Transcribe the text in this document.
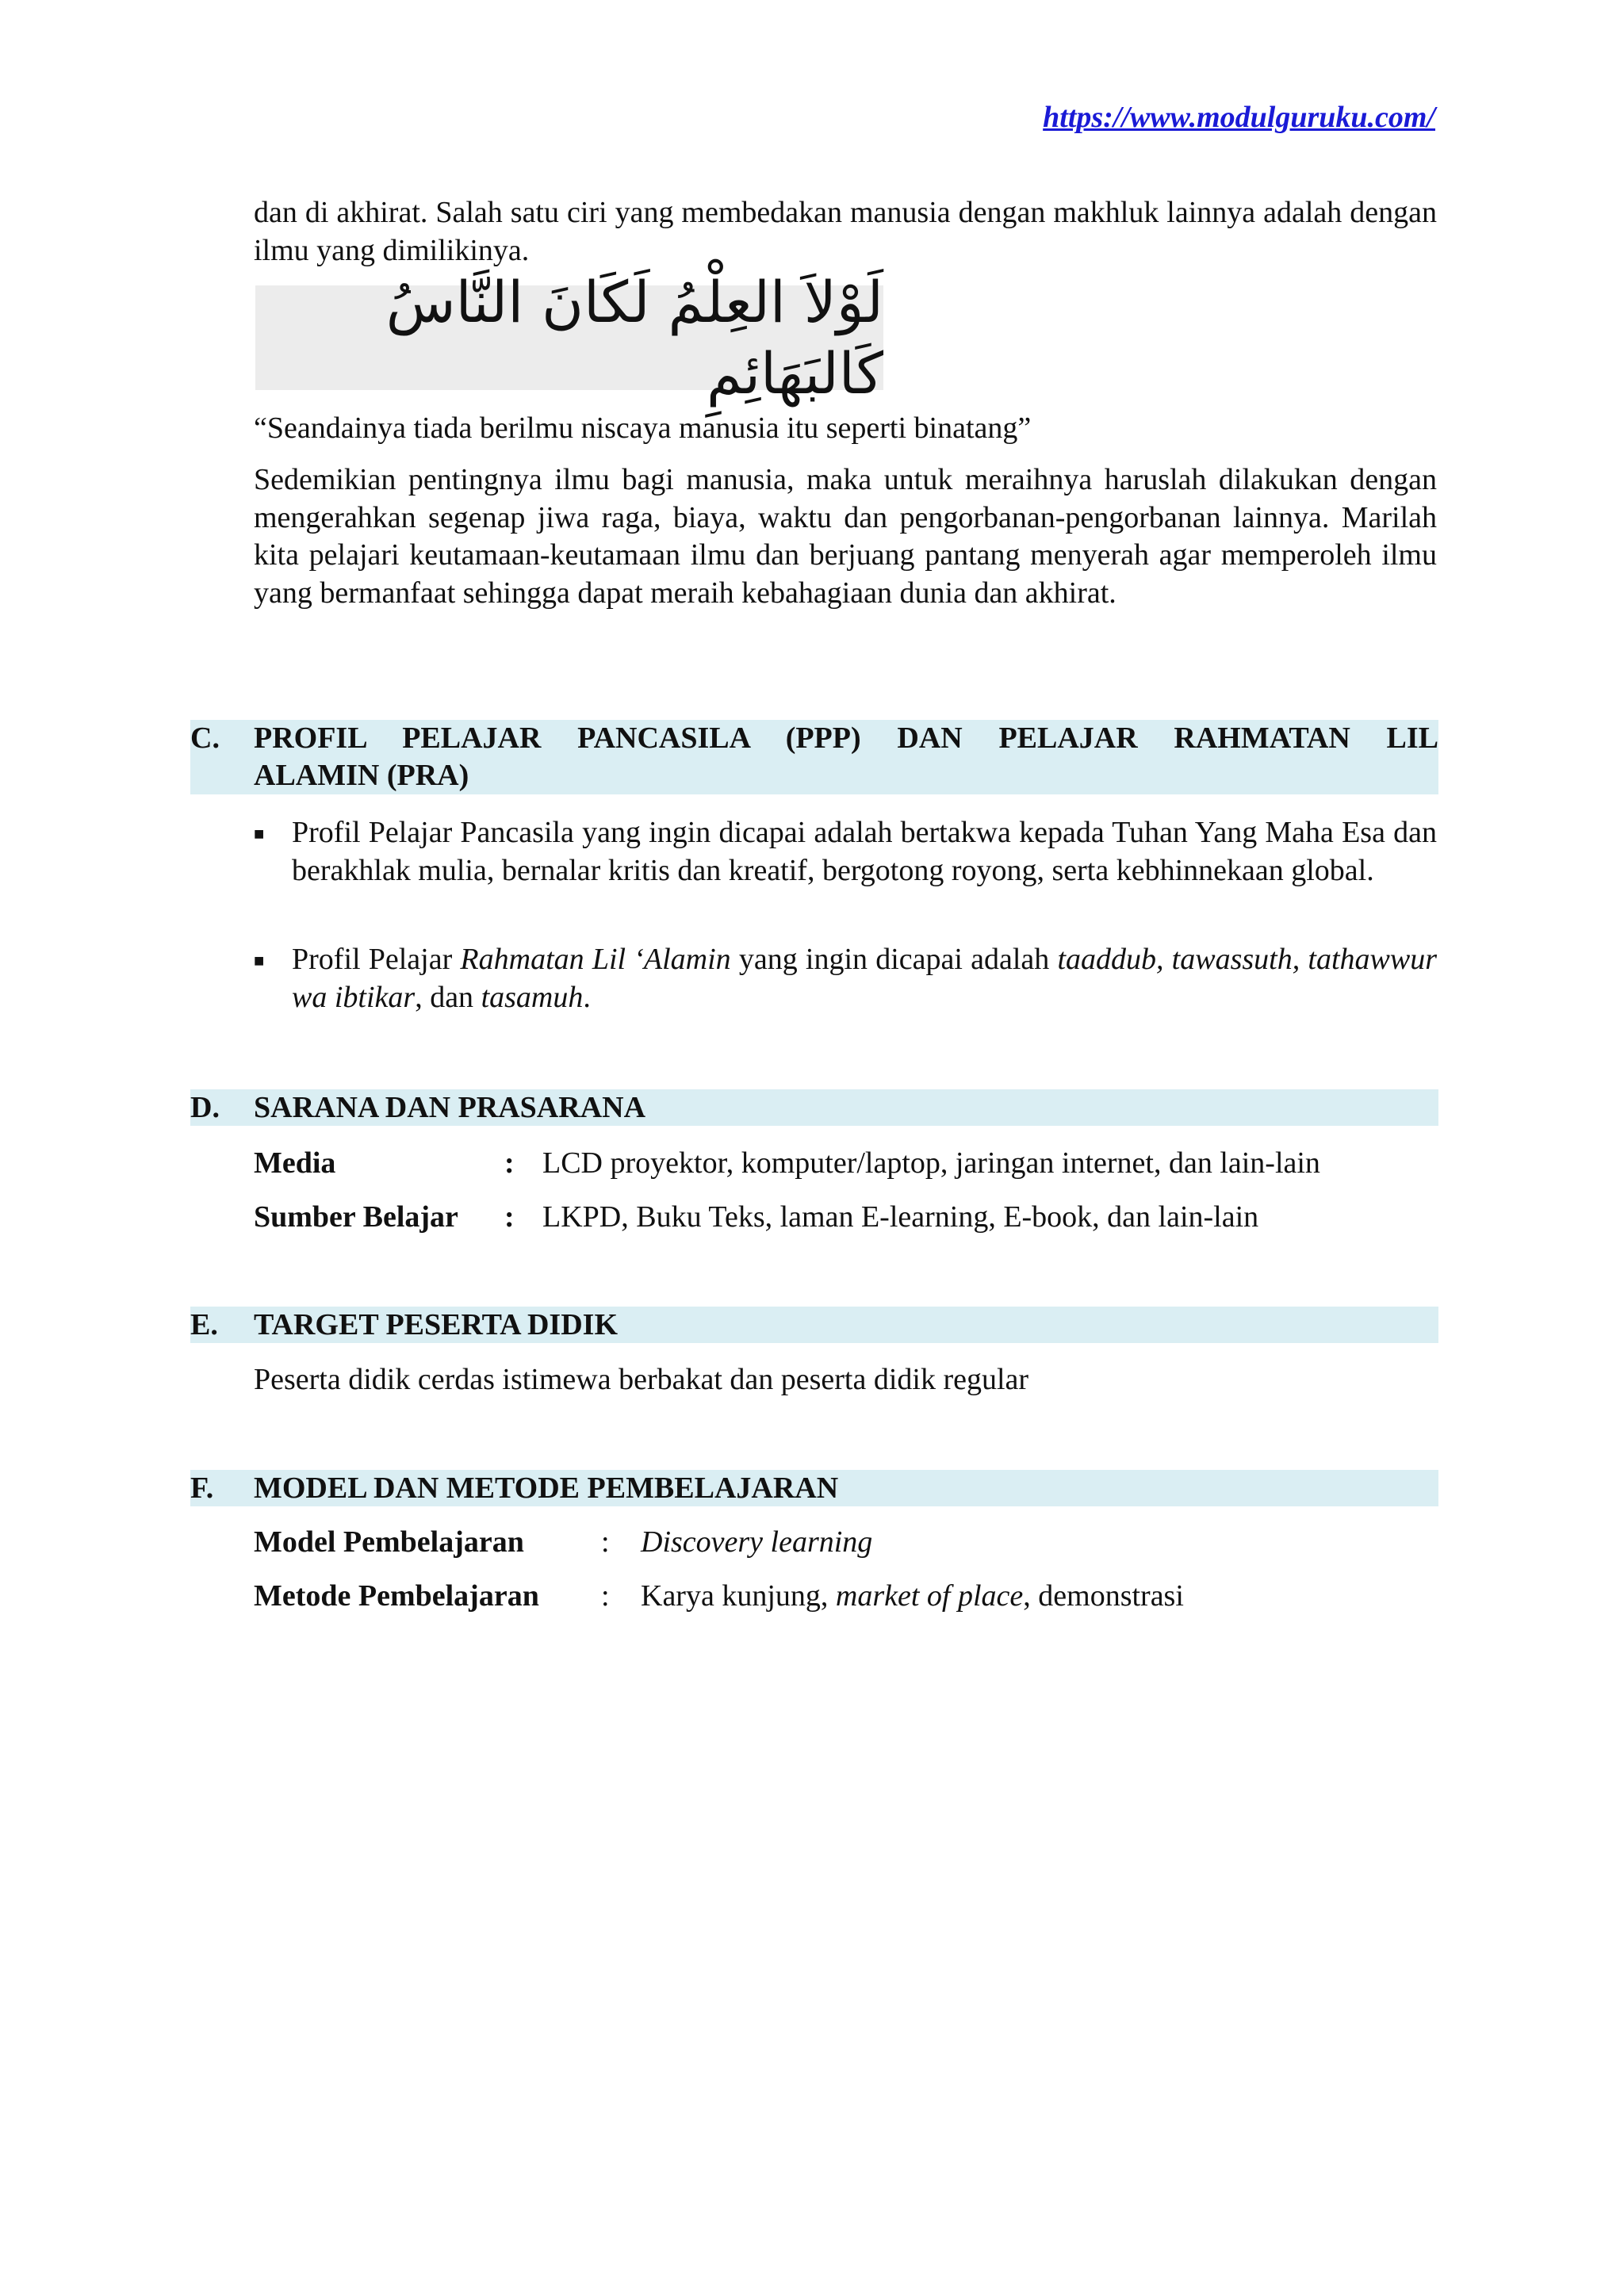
https://www.modulguruku.com/

dan di akhirat. Salah satu ciri yang membedakan manusia dengan makhluk lainnya adalah dengan ilmu yang dimilikinya.

لَوْلاَ العِلْمُ لَكَانَ النَّاسُ كَالبَهَائِمِ

“Seandainya tiada berilmu niscaya manusia itu seperti binatang”

Sedemikian pentingnya ilmu bagi manusia, maka untuk meraihnya haruslah dilakukan dengan mengerahkan segenap jiwa raga, biaya, waktu dan pengorbanan-pengorbanan lainnya. Marilah kita pelajari keutamaan-keutamaan ilmu dan berjuang pantang menyerah agar memperoleh ilmu yang bermanfaat sehingga dapat meraih kebahagiaan dunia dan akhirat.

C.	PROFIL PELAJAR PANCASILA (PPP) DAN PELAJAR RAHMATAN LIL
ALAMIN (PRA)
■ Profil Pelajar Pancasila yang ingin dicapai adalah bertakwa kepada Tuhan Yang Maha Esa dan berakhlak mulia, bernalar kritis dan kreatif, bergotong royong, serta kebhinnekaan global.
■ Profil Pelajar Rahmatan Lil ‘Alamin yang ingin dicapai adalah taaddub, tawassuth, tathawwur wa ibtikar, dan tasamuh.
D.	SARANA DAN PRASARANA
Media	: LCD proyektor, komputer/laptop, jaringan internet, dan lain-lain
Sumber Belajar	: LKPD, Buku Teks, laman E-learning, E-book, dan lain-lain
E.	TARGET PESERTA DIDIK

Peserta didik cerdas istimewa berbakat dan peserta didik regular

F.	MODEL DAN METODE PEMBELAJARAN
Model Pembelajaran	:	Discovery learning
Metode Pembelajaran	:	Karya kunjung, market of place, demonstrasi
